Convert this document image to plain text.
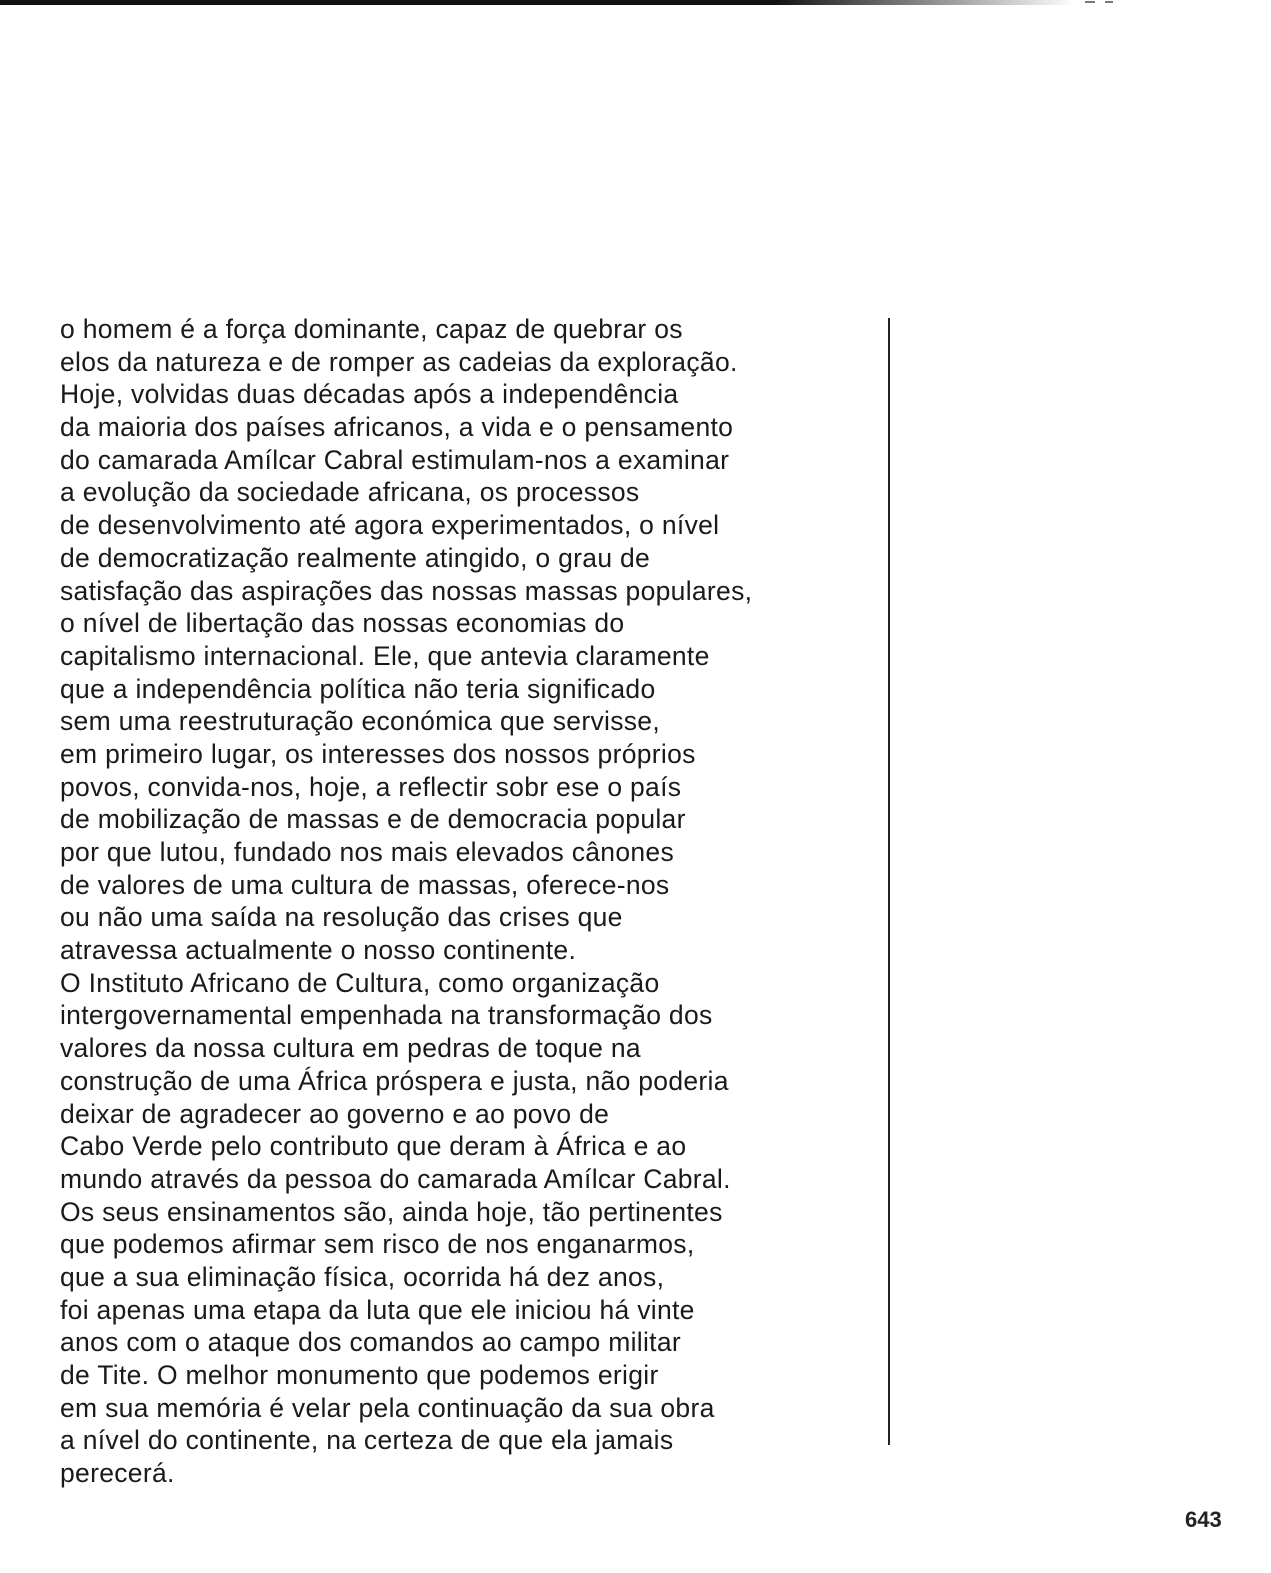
o homem é a força dominante, capaz de quebrar os
elos da natureza e de romper as cadeias da exploração.
Hoje, volvidas duas décadas após a independência
da maioria dos países africanos, a vida e o pensamento
do camarada Amílcar Cabral estimulam-nos a examinar
a evolução da sociedade africana, os processos
de desenvolvimento até agora experimentados, o nível
de democratização realmente atingido, o grau de
satisfação das aspirações das nossas massas populares,
o nível de libertação das nossas economias do
capitalismo internacional. Ele, que antevia claramente
que a independência política não teria significado
sem uma reestruturação económica que servisse,
em primeiro lugar, os interesses dos nossos próprios
povos, convida-nos, hoje, a reflectir sobr ese o país
de mobilização de massas e de democracia popular
por que lutou, fundado nos mais elevados cânones
de valores de uma cultura de massas, oferece-nos
ou não uma saída na resolução das crises que
atravessa actualmente o nosso continente.
O Instituto Africano de Cultura, como organização
intergovernamental empenhada na transformação dos
valores da nossa cultura em pedras de toque na
construção de uma África próspera e justa, não poderia
deixar de agradecer ao governo e ao povo de
Cabo Verde pelo contributo que deram à África e ao
mundo através da pessoa do camarada Amílcar Cabral.
Os seus ensinamentos são, ainda hoje, tão pertinentes
que podemos afirmar sem risco de nos enganarmos,
que a sua eliminação física, ocorrida há dez anos,
foi apenas uma etapa da luta que ele iniciou há vinte
anos com o ataque dos comandos ao campo militar
de Tite. O melhor monumento que podemos erigir
em sua memória é velar pela continuação da sua obra
a nível do continente, na certeza de que ela jamais
perecerá.
643
